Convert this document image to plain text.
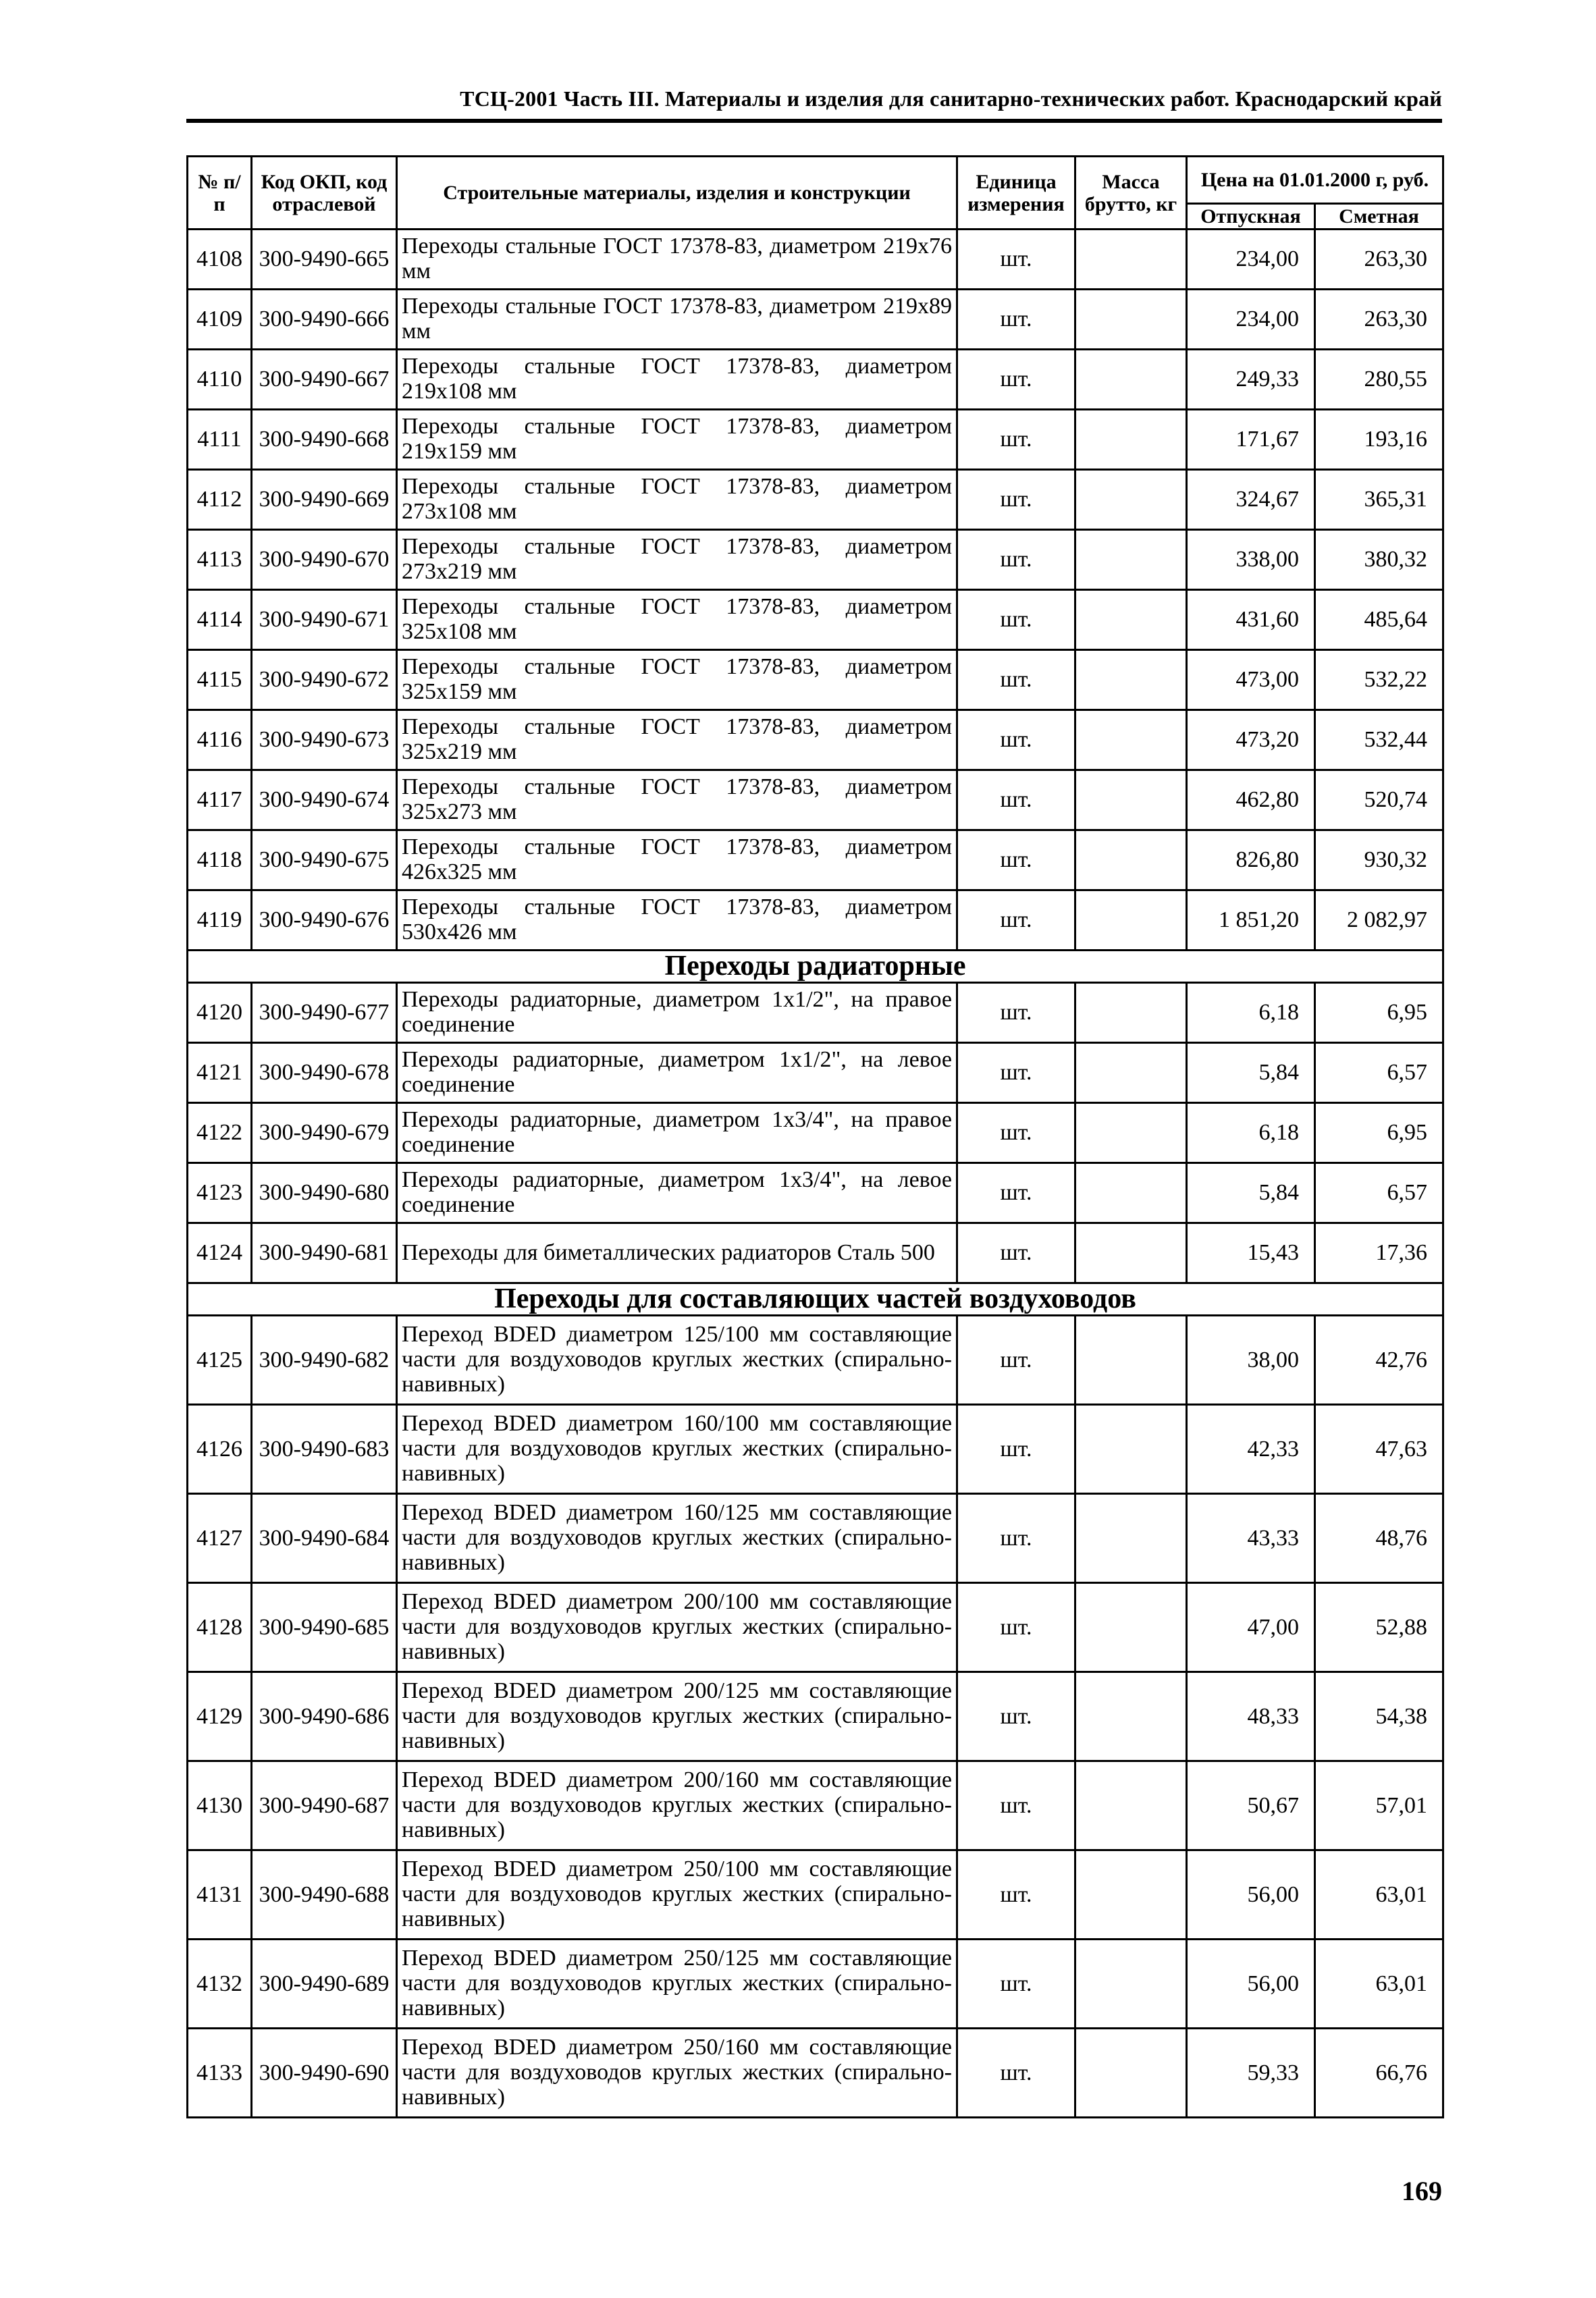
ТСЦ-2001 Часть III. Материалы и изделия для санитарно-технических работ. Краснодарский край
№ п/п	Код ОКП, код отраслевой	Строительные материалы, изделия и конструкции	Единица измерения	Масса брутто, кг	Цена на 01.01.2000 г, руб.	
					Отпускная	Сметная
4108	300-9490-665	Переходы стальные ГОСТ 17378-83, диаметром 219х76 мм	шт.		234,00	263,30
4109	300-9490-666	Переходы стальные ГОСТ 17378-83, диаметром 219х89 мм	шт.		234,00	263,30
4110	300-9490-667	Переходы стальные ГОСТ 17378-83, диаметром 219х108 мм	шт.		249,33	280,55
4111	300-9490-668	Переходы стальные ГОСТ 17378-83, диаметром 219х159 мм	шт.		171,67	193,16
4112	300-9490-669	Переходы стальные ГОСТ 17378-83, диаметром 273х108 мм	шт.		324,67	365,31
4113	300-9490-670	Переходы стальные ГОСТ 17378-83, диаметром 273х219 мм	шт.		338,00	380,32
4114	300-9490-671	Переходы стальные ГОСТ 17378-83, диаметром 325х108 мм	шт.		431,60	485,64
4115	300-9490-672	Переходы стальные ГОСТ 17378-83, диаметром 325х159 мм	шт.		473,00	532,22
4116	300-9490-673	Переходы стальные ГОСТ 17378-83, диаметром 325х219 мм	шт.		473,20	532,44
4117	300-9490-674	Переходы стальные ГОСТ 17378-83, диаметром 325х273 мм	шт.		462,80	520,74
4118	300-9490-675	Переходы стальные ГОСТ 17378-83, диаметром 426х325 мм	шт.		826,80	930,32
4119	300-9490-676	Переходы стальные ГОСТ 17378-83, диаметром 530х426 мм	шт.		1 851,20	2 082,97
Переходы радиаторные						
4120	300-9490-677	Переходы радиаторные, диаметром 1х1/2", на правое соединение	шт.		6,18	6,95
4121	300-9490-678	Переходы радиаторные, диаметром 1х1/2", на левое соединение	шт.		5,84	6,57
4122	300-9490-679	Переходы радиаторные, диаметром 1х3/4", на правое соединение	шт.		6,18	6,95
4123	300-9490-680	Переходы радиаторные, диаметром 1х3/4", на левое соединение	шт.		5,84	6,57
4124	300-9490-681	Переходы для биметаллических радиаторов Сталь 500	шт.		15,43	17,36
Переходы для составляющих частей воздуховодов						
4125	300-9490-682	Переход BDED диаметром 125/100 мм составляющие части для воздуховодов круглых жестких (спирально-навивных)	шт.		38,00	42,76
4126	300-9490-683	Переход BDED диаметром 160/100 мм составляющие части для воздуховодов круглых жестких (спирально-навивных)	шт.		42,33	47,63
4127	300-9490-684	Переход BDED диаметром 160/125 мм составляющие части для воздуховодов круглых жестких (спирально-навивных)	шт.		43,33	48,76
4128	300-9490-685	Переход BDED диаметром 200/100 мм составляющие части для воздуховодов круглых жестких (спирально-навивных)	шт.		47,00	52,88
4129	300-9490-686	Переход BDED диаметром 200/125 мм составляющие части для воздуховодов круглых жестких (спирально-навивных)	шт.		48,33	54,38
4130	300-9490-687	Переход BDED диаметром 200/160 мм составляющие части для воздуховодов круглых жестких (спирально-навивных)	шт.		50,67	57,01
4131	300-9490-688	Переход BDED диаметром 250/100 мм составляющие части для воздуховодов круглых жестких (спирально-навивных)	шт.		56,00	63,01
4132	300-9490-689	Переход BDED диаметром 250/125 мм составляющие части для воздуховодов круглых жестких (спирально-навивных)	шт.		56,00	63,01
4133	300-9490-690	Переход BDED диаметром 250/160 мм составляющие части для воздуховодов круглых жестких (спирально-навивных)	шт.		59,33	66,76
169
